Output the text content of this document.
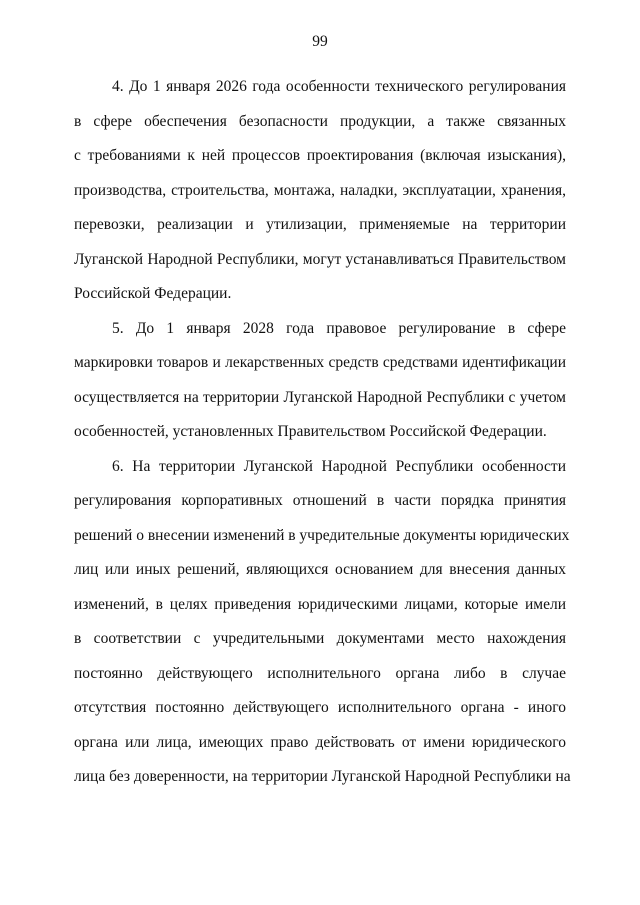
99
4. До 1 января 2026 года особенности технического регулирования
в сфере обеспечения безопасности продукции, а также связанных
с требованиями к ней процессов проектирования (включая изыскания),
производства, строительства, монтажа, наладки, эксплуатации, хранения,
перевозки, реализации и утилизации, применяемые на территории
Луганской Народной Республики, могут устанавливаться Правительством
Российской Федерации.
5. До 1 января 2028 года правовое регулирование в сфере
маркировки товаров и лекарственных средств средствами идентификации
осуществляется на территории Луганской Народной Республики с учетом
особенностей, установленных Правительством Российской Федерации.
6. На территории Луганской Народной Республики особенности
регулирования корпоративных отношений в части порядка принятия
решений о внесении изменений в учредительные документы юридических
лиц или иных решений, являющихся основанием для внесения данных
изменений, в целях приведения юридическими лицами, которые имели
в соответствии с учредительными документами место нахождения
постоянно действующего исполнительного органа либо в случае
отсутствия постоянно действующего исполнительного органа - иного
органа или лица, имеющих право действовать от имени юридического
лица без доверенности, на территории Луганской Народной Республики на
